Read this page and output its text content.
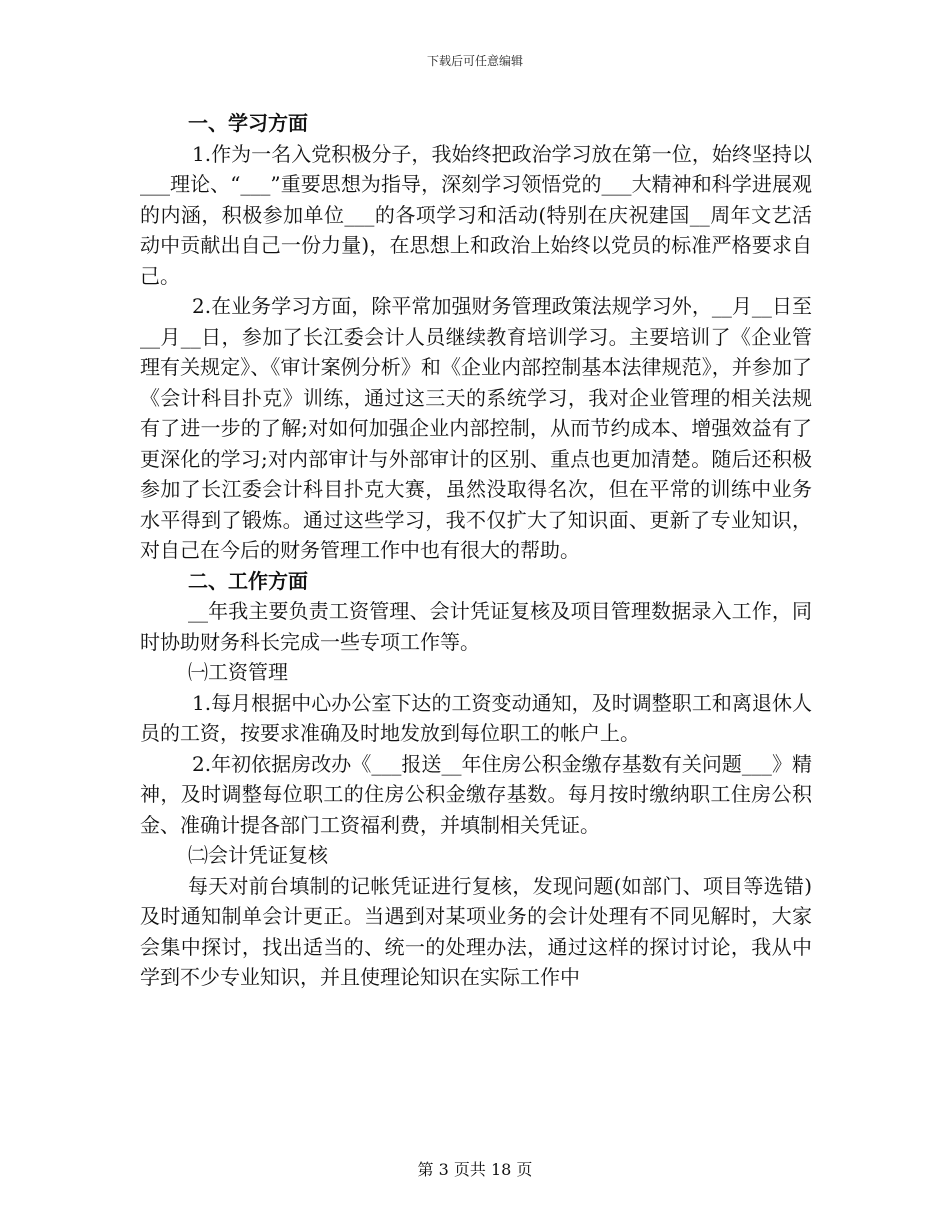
下载后可任意编辑

一、学习方面

1.作为一名入党积极分子，我始终把政治学习放在第一位，始终坚持以___理论、“___”重要思想为指导，深刻学习领悟党的___大精神和科学进展观的内涵，积极参加单位___的各项学习和活动(特别在庆祝建国__周年文艺活动中贡献出自己一份力量)，在思想上和政治上始终以党员的标准严格要求自己。

2.在业务学习方面，除平常加强财务管理政策法规学习外，__月__日至__月__日，参加了长江委会计人员继续教育培训学习。主要培训了《企业管理有关规定》、《审计案例分析》和《企业内部控制基本法律规范》，并参加了《会计科目扑克》训练，通过这三天的系统学习，我对企业管理的相关法规有了进一步的了解;对如何加强企业内部控制，从而节约成本、增强效益有了更深化的学习;对内部审计与外部审计的区别、重点也更加清楚。随后还积极参加了长江委会计科目扑克大赛，虽然没取得名次，但在平常的训练中业务水平得到了锻炼。通过这些学习，我不仅扩大了知识面、更新了专业知识，对自己在今后的财务管理工作中也有很大的帮助。

二、工作方面

__年我主要负责工资管理、会计凭证复核及项目管理数据录入工作，同时协助财务科长完成一些专项工作等。

㈠工资管理

1.每月根据中心办公室下达的工资变动通知，及时调整职工和离退休人员的工资，按要求准确及时地发放到每位职工的帐户上。

2.年初依据房改办《___报送__年住房公积金缴存基数有关问题___》精神，及时调整每位职工的住房公积金缴存基数。每月按时缴纳职工住房公积金、准确计提各部门工资福利费，并填制相关凭证。

㈡会计凭证复核

每天对前台填制的记帐凭证进行复核，发现问题(如部门、项目等选错)及时通知制单会计更正。当遇到对某项业务的会计处理有不同见解时，大家会集中探讨，找出适当的、统一的处理办法，通过这样的探讨讨论，我从中学到不少专业知识，并且使理论知识在实际工作中

第 3 页共 18 页
